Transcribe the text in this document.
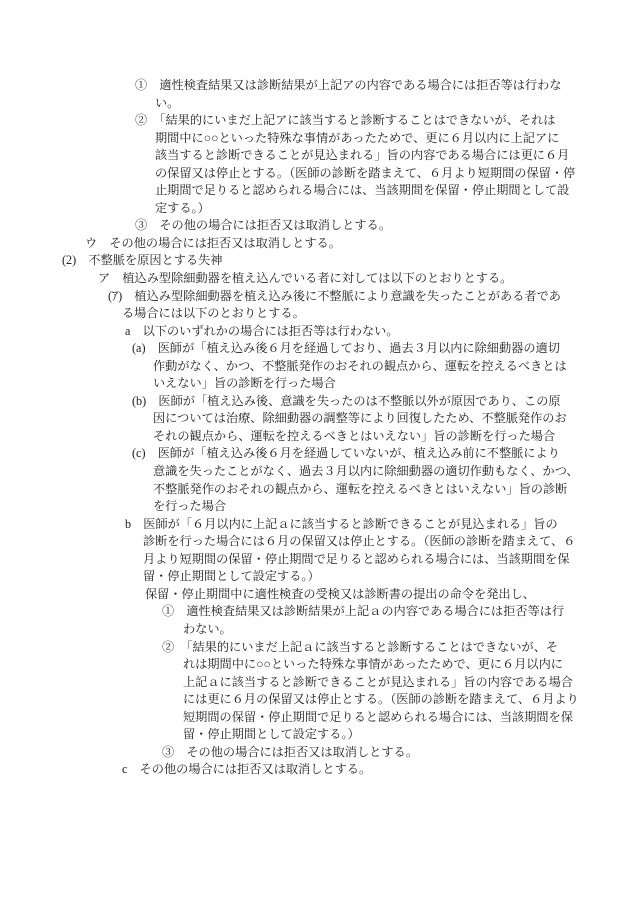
①　適性検査結果又は診断結果が上記アの内容である場合には拒否等は行わな
い。
②　「結果的にいまだ上記アに該当すると診断することはできないが、それは
期間中に○○といった特殊な事情があったためで、更に６月以内に上記アに
該当すると診断できることが見込まれる」旨の内容である場合には更に６月
の保留又は停止とする。（医師の診断を踏まえて、６月より短期間の保留・停
止期間で足りると認められる場合には、当該期間を保留・停止期間として設
定する。）
③　その他の場合には拒否又は取消しとする。
ウ　その他の場合には拒否又は取消しとする。
(2)　不整脈を原因とする失神
ア　植込み型除細動器を植え込んでいる者に対しては以下のとおりとする。
(ｱ)　植込み型除細動器を植え込み後に不整脈により意識を失ったことがある者であ
る場合には以下のとおりとする。
a　以下のいずれかの場合には拒否等は行わない。
(a)　医師が「植え込み後６月を経過しており、過去３月以内に除細動器の適切
作動がなく、かつ、不整脈発作のおそれの観点から、運転を控えるべきとは
いえない」旨の診断を行った場合
(b)　医師が「植え込み後、意識を失ったのは不整脈以外が原因であり、この原
因については治療、除細動器の調整等により回復したため、不整脈発作のお
それの観点から、運転を控えるべきとはいえない」旨の診断を行った場合
(c)　医師が「植え込み後６月を経過していないが、植え込み前に不整脈により
意識を失ったことがなく、過去３月以内に除細動器の適切作動もなく、かつ、
不整脈発作のおそれの観点から、運転を控えるべきとはいえない」旨の診断
を行った場合
b　医師が「６月以内に上記ａに該当すると診断できることが見込まれる」旨の
診断を行った場合には６月の保留又は停止とする。（医師の診断を踏まえて、６
月より短期間の保留・停止期間で足りると認められる場合には、当該期間を保
留・停止期間として設定する。）
保留・停止期間中に適性検査の受検又は診断書の提出の命令を発出し、
①　適性検査結果又は診断結果が上記ａの内容である場合には拒否等は行
わない。
②　「結果的にいまだ上記ａに該当すると診断することはできないが、そ
れは期間中に○○といった特殊な事情があったためで、更に６月以内に
上記ａに該当すると診断できることが見込まれる」旨の内容である場合
には更に６月の保留又は停止とする。（医師の診断を踏まえて、６月より
短期間の保留・停止期間で足りると認められる場合には、当該期間を保
留・停止期間として設定する。）
③　その他の場合には拒否又は取消しとする。
c　その他の場合には拒否又は取消しとする。
